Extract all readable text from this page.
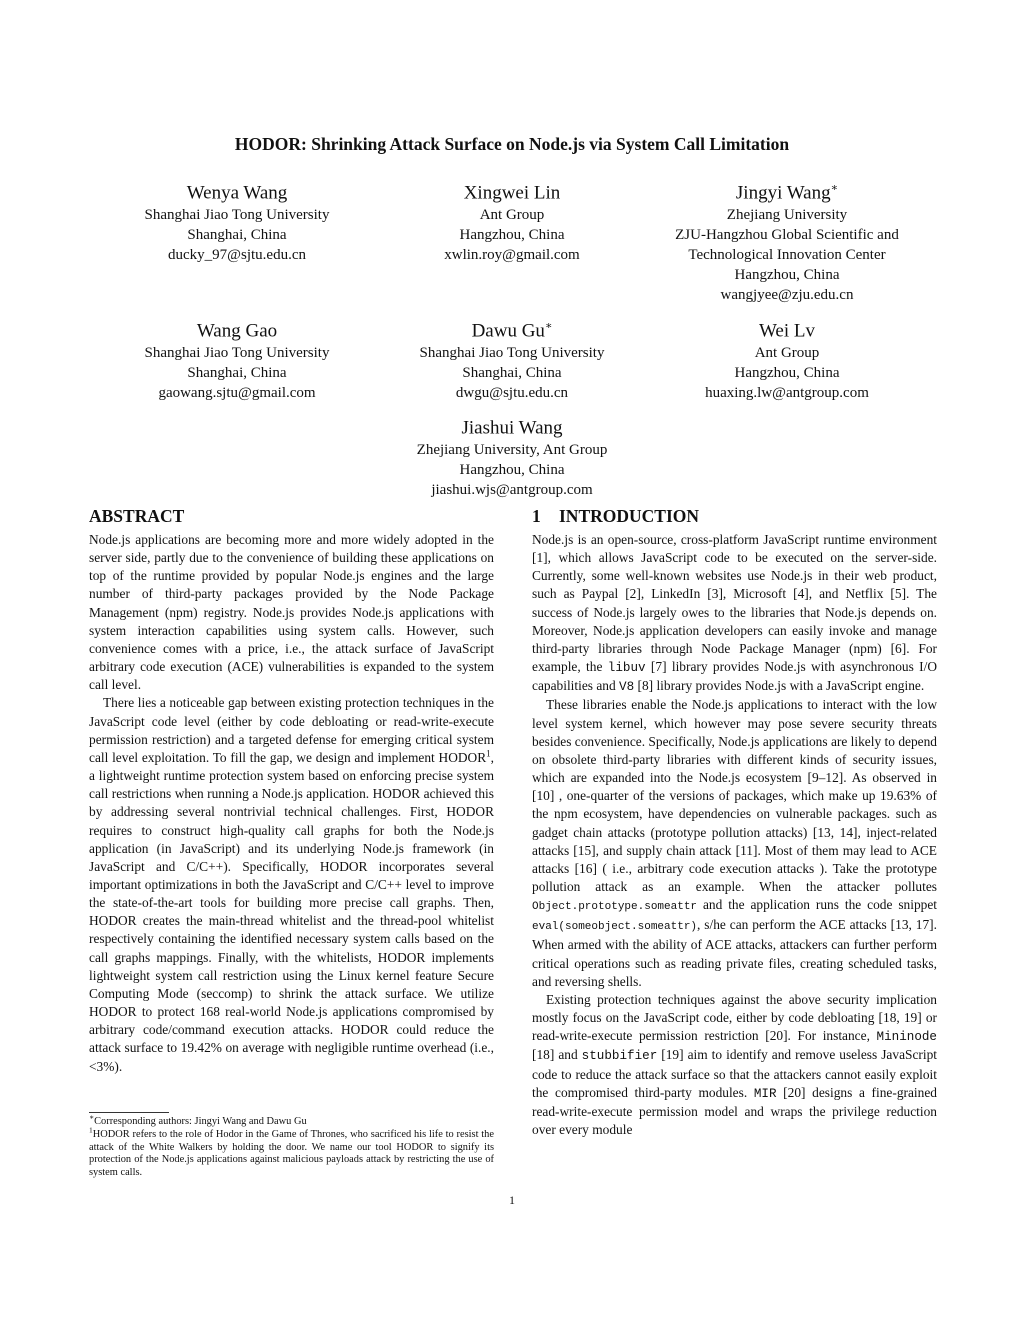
HODOR: Shrinking Attack Surface on Node.js via System Call Limitation
Wenya Wang
Shanghai Jiao Tong University
Shanghai, China
ducky_97@sjtu.edu.cn
Xingwei Lin
Ant Group
Hangzhou, China
xwlin.roy@gmail.com
Jingyi Wang∗
Zhejiang University
ZJU-Hangzhou Global Scientific and
Technological Innovation Center
Hangzhou, China
wangjyee@zju.edu.cn
Wang Gao
Shanghai Jiao Tong University
Shanghai, China
gaowang.sjtu@gmail.com
Dawu Gu∗
Shanghai Jiao Tong University
Shanghai, China
dwgu@sjtu.edu.cn
Wei Lv
Ant Group
Hangzhou, China
huaxing.lw@antgroup.com
Jiashui Wang
Zhejiang University, Ant Group
Hangzhou, China
jiashui.wjs@antgroup.com
ABSTRACT

Node.js applications are becoming more and more widely adopted in the server side, partly due to the convenience of building these applications on top of the runtime provided by popular Node.js engines and the large number of third-party packages provided by the Node Package Management (npm) registry. Node.js provides Node.js applications with system interaction capabilities using system calls. However, such convenience comes with a price, i.e., the attack surface of JavaScript arbitrary code execution (ACE) vulnerabilities is expanded to the system call level.

There lies a noticeable gap between existing protection techniques in the JavaScript code level (either by code debloating or read-write-execute permission restriction) and a targeted defense for emerging critical system call level exploitation. To fill the gap, we design and implement HODOR$^1$, a lightweight runtime protection system based on enforcing precise system call restrictions when running a Node.js application. HODOR achieved this by addressing several nontrivial technical challenges. First, HODOR requires to construct high-quality call graphs for both the Node.js application (in JavaScript) and its underlying Node.js framework (in JavaScript and C/C++). Specifically, HODOR incorporates several important optimizations in both the JavaScript and C/C++ level to improve the state-of-the-art tools for building more precise call graphs. Then, HODOR creates the main-thread whitelist and the thread-pool whitelist respectively containing the identified necessary system calls based on the call graphs mappings. Finally, with the whitelists, HODOR implements lightweight system call restriction using the Linux kernel feature Secure Computing Mode (seccomp) to shrink the attack surface. We utilize HODOR to protect 168 real-world Node.js applications compromised by arbitrary code/command execution attacks. HODOR could reduce the attack surface to 19.42% on average with negligible runtime overhead (i.e., <3%).

1 INTRODUCTION

Node.js is an open-source, cross-platform JavaScript runtime environment [1], which allows JavaScript code to be executed on the server-side. Currently, some well-known websites use Node.js in their web product, such as Paypal [2], LinkedIn [3], Microsoft [4], and Netflix [5]. The success of Node.js largely owes to the libraries that Node.js depends on. Moreover, Node.js application developers can easily invoke and manage third-party libraries through Node Package Manager (npm) [6]. For example, the libuv [7] library provides Node.js with asynchronous I/O capabilities and V8 [8] library provides Node.js with a JavaScript engine.

These libraries enable the Node.js applications to interact with the low level system kernel, which however may pose severe security threats besides convenience. Specifically, Node.js applications are likely to depend on obsolete third-party libraries with different kinds of security issues, which are expanded into the Node.js ecosystem [9–12]. As observed in [10] , one-quarter of the versions of packages, which make up 19.63% of the npm ecosystem, have dependencies on vulnerable packages. such as gadget chain attacks (prototype pollution attacks) [13, 14], inject-related attacks [15], and supply chain attack [11]. Most of them may lead to ACE attacks [16] ( i.e., arbitrary code execution attacks ). Take the prototype pollution attack as an example. When the attacker pollutes Object.prototype.someattr and the application runs the code snippet eval(someobject.someattr), s/he can perform the ACE attacks [13, 17]. When armed with the ability of ACE attacks, attackers can further perform critical operations such as reading private files, creating scheduled tasks, and reversing shells.

Existing protection techniques against the above security implication mostly focus on the JavaScript code, either by code debloating [18, 19] or read-write-execute permission restriction [20]. For instance, Mininode [18] and stubbifier [19] aim to identify and remove useless JavaScript code to reduce the attack surface so that the attackers cannot easily exploit the compromised third-party modules. MIR [20] designs a fine-grained read-write-execute permission model and wraps the privilege reduction over every module

∗Corresponding authors: Jingyi Wang and Dawu Gu

$^1$HODOR refers to the role of Hodor in the Game of Thrones, who sacrificed his life to resist the attack of the White Walkers by holding the door. We name our tool HODOR to signify its protection of the Node.js applications against malicious payloads attack by restricting the use of system calls.

1
